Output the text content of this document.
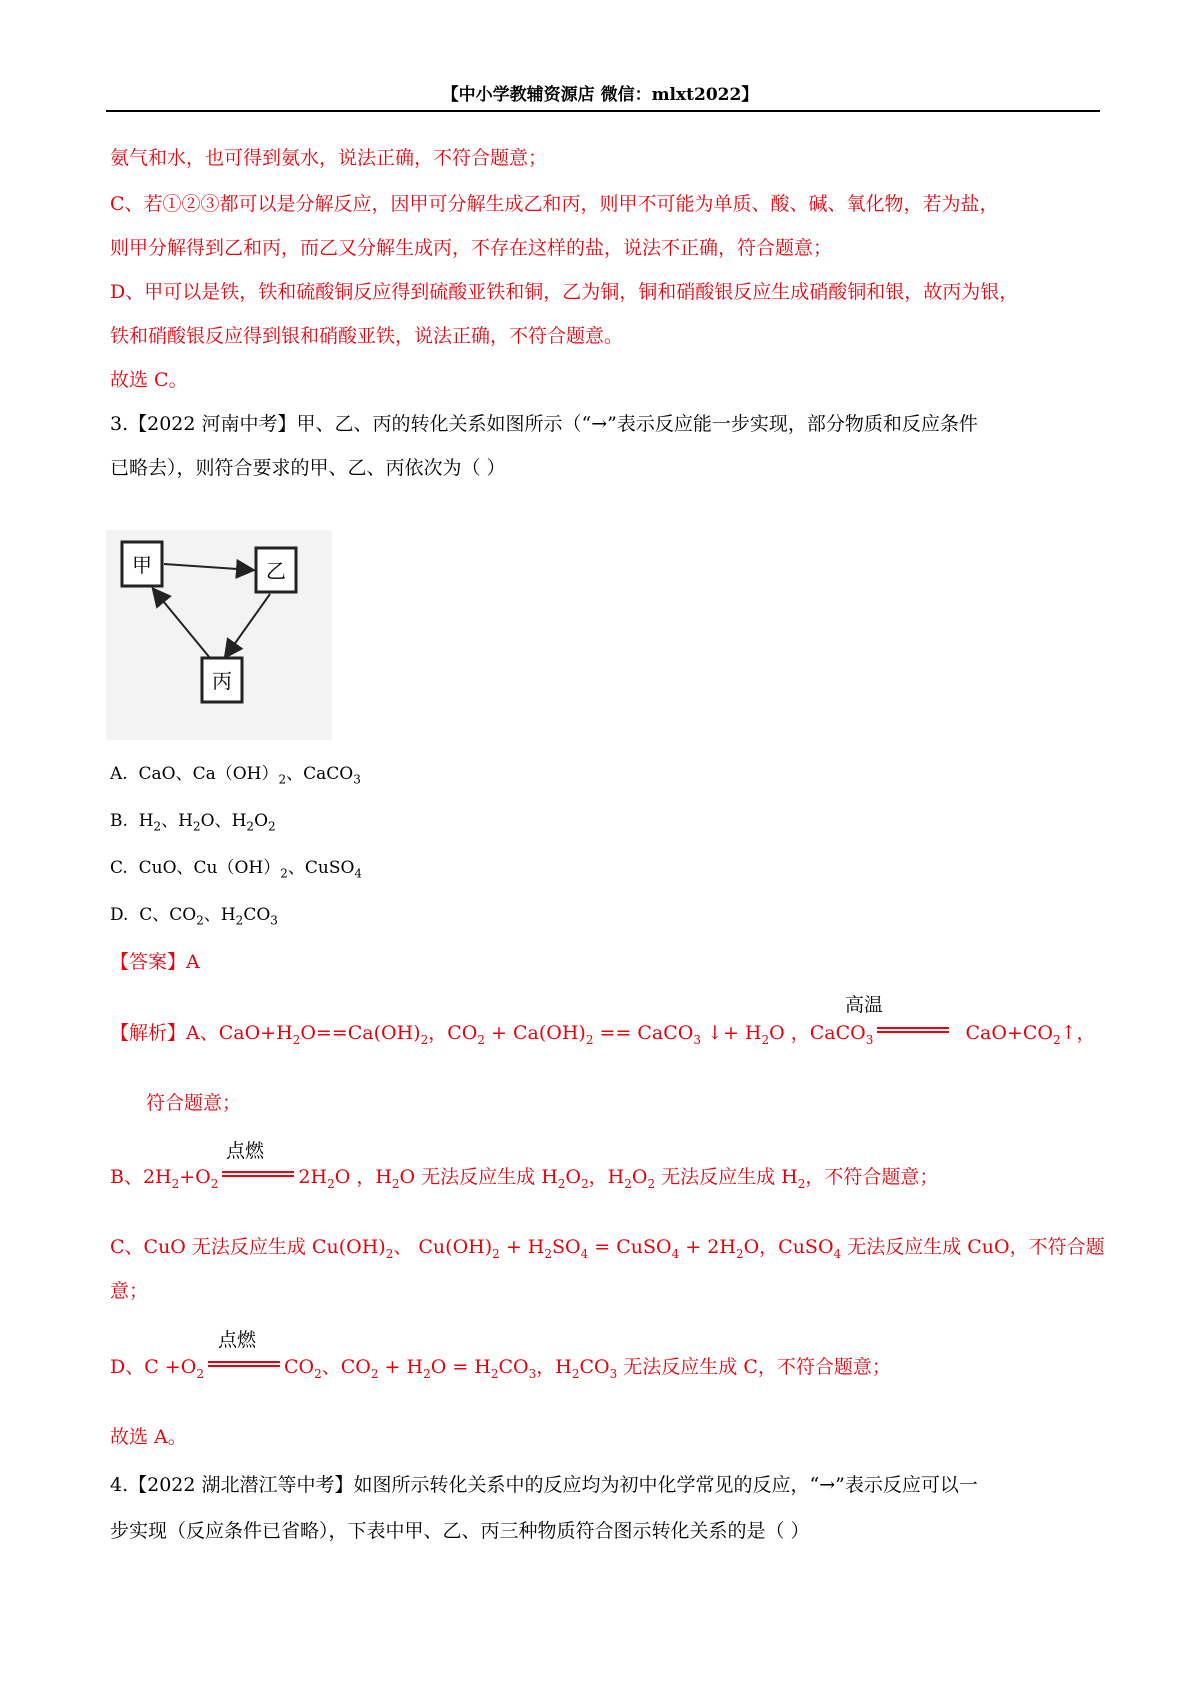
【中小学教辅资源店 微信：mlxt2022】
氨气和水，也可得到氨水，说法正确，不符合题意；
C、若①②③都可以是分解反应，因甲可分解生成乙和丙，则甲不可能为单质、酸、碱、氧化物，若为盐，
则甲分解得到乙和丙，而乙又分解生成丙，不存在这样的盐，说法不正确，符合题意；
D、甲可以是铁，铁和硫酸铜反应得到硫酸亚铁和铜，乙为铜，铜和硝酸银反应生成硝酸铜和银，故丙为银，
铁和硝酸银反应得到银和硝酸亚铁，说法正确，不符合题意。
故选 C。
3.【2022 河南中考】甲、乙、丙的转化关系如图所示（“→”表示反应能一步实现，部分物质和反应条件
已略去），则符合要求的甲、乙、丙依次为（ ）
甲	乙
丙
A.  CaO、$Ca(OH)_2$、CaCO$_3$
B.  $H_2$、$H_2O$、$H_2O_2$
C.  CuO、$Cu(OH)_2$、CuSO$_4$
D.  C、$CO_2$、$H_2CO_3$
【答案】A
高温
【解析】A、$CaO+H_2O==Ca(OH)_2$，$CO_2 + Ca(OH)_2$ == CaCO$_3$ ↓+ $H_2O$ ，CaCO$_3$	$CaO+CO_2↑$，
符合题意；
点燃
B、$2H_2+O_2$	$2H_2O$ ，$H_2O$ 无法反应生成 $H_2O_2$，$H_2O_2$ 无法反应生成 $H_2$，不符合题意；
C、CuO 无法反应生成 $Cu(OH)_2$、 $Cu(OH)_2 + H_2SO_4$ = CuSO$_4$ + $2H_2O$，CuSO$_4$ 无法反应生成 CuO，不符合题
意；
点燃
D、$C +O_2$	$CO_2$、$CO_2 + H_2O = H_2CO_3$，$H_2CO_3$ 无法反应生成 C，不符合题意；
故选 A。
4.【2022 湖北潜江等中考】如图所示转化关系中的反应均为初中化学常见的反应，“→”表示反应可以一
步实现（反应条件已省略），下表中甲、乙、丙三种物质符合图示转化关系的是（ ）
